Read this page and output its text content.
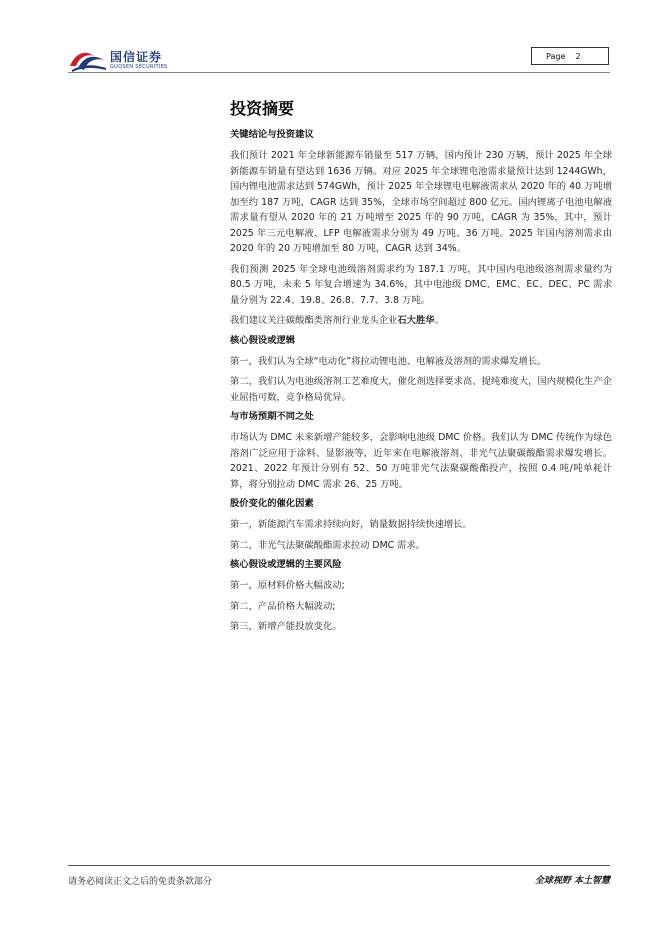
国信证券
GUOSEN SECURITIES
Page 2
投资摘要
关键结论与投资建议

我们预计 2021 年全球新能源车销量至 517 万辆，国内预计 230 万辆，预计 2025 年全球新能源车销量有望达到 1636 万辆。对应 2025 年全球锂电池需求量预计达到 1244GWh，国内锂电池需求达到 574GWh，预计 2025 年全球锂电电解液需求从 2020 年的 40 万吨增加至约 187 万吨，CAGR 达到 35%，全球市场空间超过 800 亿元。国内锂离子电池电解液需求量有望从 2020 年的 21 万吨增至 2025 年的 90 万吨，CAGR 为 35%，其中，预计 2025 年三元电解液、LFP 电解液需求分别为 49 万吨、36 万吨。2025 年国内溶剂需求由 2020 年的 20 万吨增加至 80 万吨，CAGR 达到 34%。

我们预测 2025 年全球电池级溶剂需求约为 187.1 万吨，其中国内电池级溶剂需求量约为 80.5 万吨，未来 5 年复合增速为 34.6%，其中电池级 DMC、EMC、EC、DEC、PC 需求量分别为 22.4、19.8、26.8、7.7、3.8 万吨。

我们建议关注碳酸酯类溶剂行业龙头企业石大胜华。

核心假设或逻辑

第一，我们认为全球“电动化”将拉动锂电池、电解液及溶剂的需求爆发增长。

第二，我们认为电池级溶剂工艺难度大，催化剂选择要求高、提纯难度大，国内规模化生产企业屈指可数，竞争格局优异。

与市场预期不同之处

市场认为 DMC 未来新增产能较多，会影响电池级 DMC 价格。我们认为 DMC 传统作为绿色溶剂广泛应用于涂料、显影液等，近年来在电解液溶剂、非光气法聚碳酸酯需求爆发增长。2021、2022 年预计分别有 52、50 万吨非光气法聚碳酸酯投产，按照 0.4 吨/吨单耗计算，将分别拉动 DMC 需求 26、25 万吨。

股价变化的催化因素

第一，新能源汽车需求持续向好，销量数据持续快速增长。

第二，非光气法聚碳酸酯需求拉动 DMC 需求。

核心假设或逻辑的主要风险

第一，原材料价格大幅波动;

第二，产品价格大幅波动;

第三，新增产能投放变化。

请务必阅读正文之后的免责条款部分	全球视野 本土智慧
